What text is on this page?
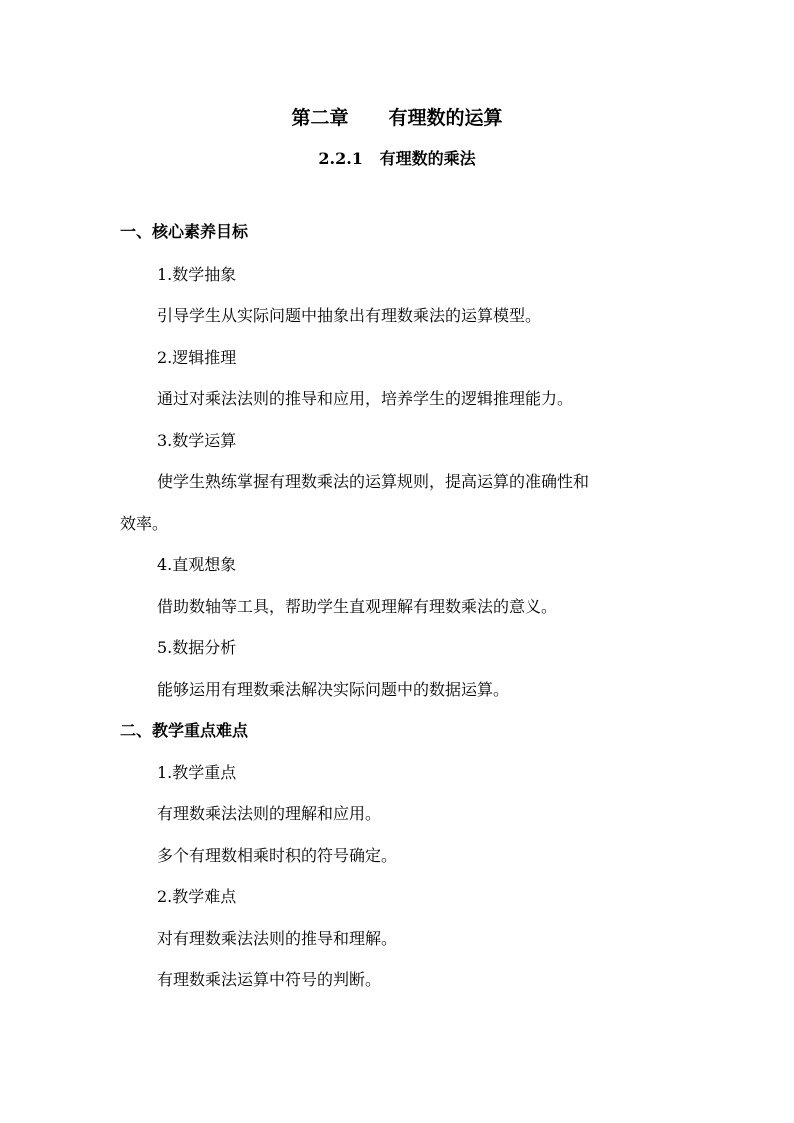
第二章 有理数的运算
2.2.1   有理数的乘法
一、核心素养目标
1.数学抽象
引导学生从实际问题中抽象出有理数乘法的运算模型。
2.逻辑推理
通过对乘法法则的推导和应用，培养学生的逻辑推理能力。
3.数学运算
使学生熟练掌握有理数乘法的运算规则，提高运算的准确性和
效率。
4.直观想象
借助数轴等工具，帮助学生直观理解有理数乘法的意义。
5.数据分析
能够运用有理数乘法解决实际问题中的数据运算。
二、教学重点难点
1.教学重点
有理数乘法法则的理解和应用。
多个有理数相乘时积的符号确定。
2.教学难点
对有理数乘法法则的推导和理解。
有理数乘法运算中符号的判断。
